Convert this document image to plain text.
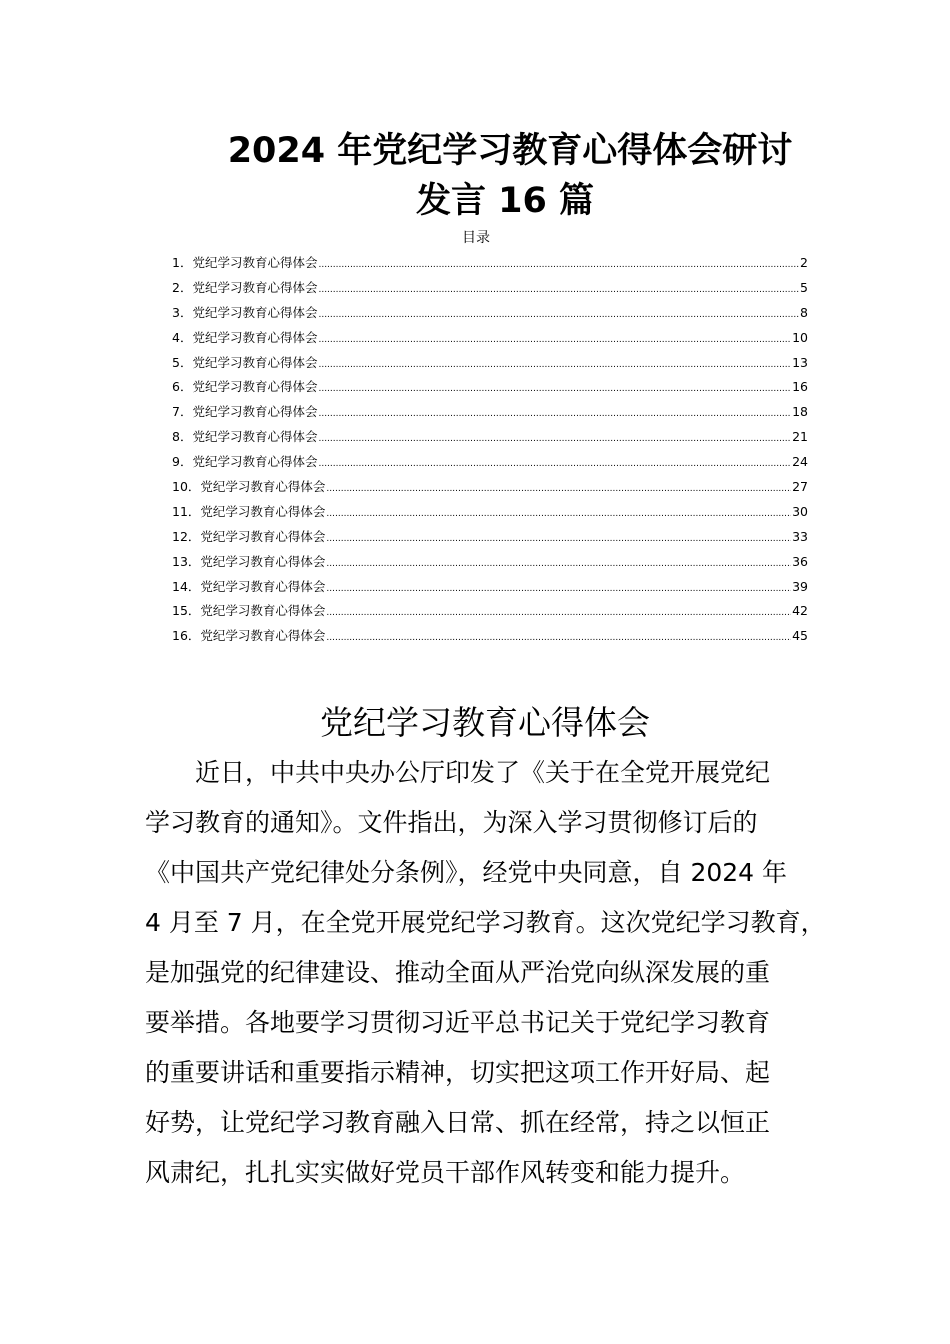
2024 年党纪学习教育心得体会研讨
发言 16 篇
目录
1． 党纪学习教育心得体会 .....	2
2． 党纪学习教育心得体会 .....	5
3． 党纪学习教育心得体会 .....	8
4． 党纪学习教育心得体会 .....	10
5． 党纪学习教育心得体会 .....	13
6． 党纪学习教育心得体会 .....	16
7． 党纪学习教育心得体会 .....	18
8． 党纪学习教育心得体会 .....	21
9． 党纪学习教育心得体会 .....	24
10． 党纪学习教育心得体会 .....	27
11． 党纪学习教育心得体会 .....	30
12． 党纪学习教育心得体会 .....	33
13． 党纪学习教育心得体会 .....	36
14． 党纪学习教育心得体会 .....	39
15． 党纪学习教育心得体会 .....	42
16． 党纪学习教育心得体会 .....	45
党纪学习教育心得体会
近日，中共中央办公厅印发了《关于在全党开展党纪
学习教育的通知》。文件指出，为深入学习贯彻修订后的
《中国共产党纪律处分条例》，经党中央同意，自 2024 年
4 月至 7 月，在全党开展党纪学习教育。这次党纪学习教育，
是加强党的纪律建设、推动全面从严治党向纵深发展的重
要举措。各地要学习贯彻习近平总书记关于党纪学习教育
的重要讲话和重要指示精神，切实把这项工作开好局、起
好势，让党纪学习教育融入日常、抓在经常，持之以恒正
风肃纪，扎扎实实做好党员干部作风转变和能力提升。
